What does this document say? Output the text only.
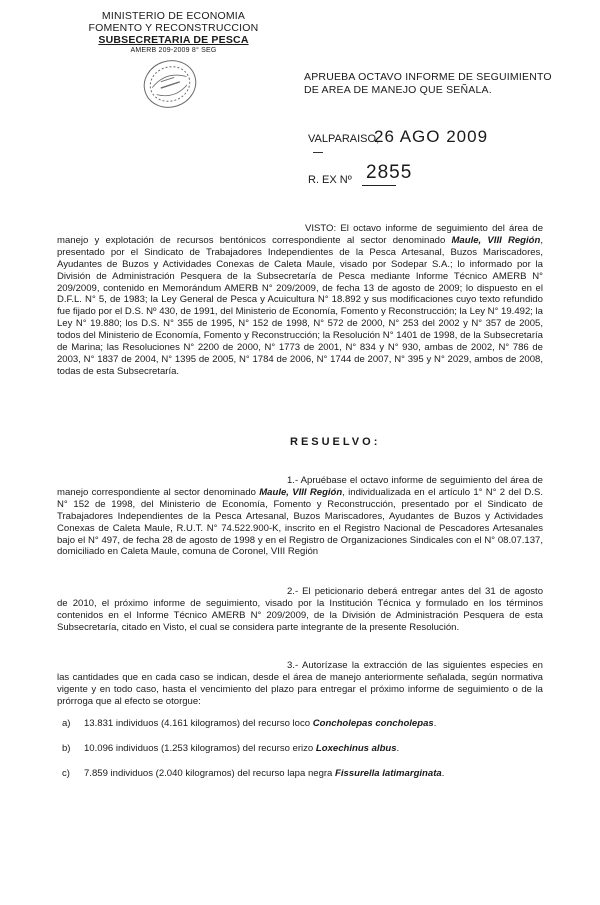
MINISTERIO DE ECONOMIA
FOMENTO Y RECONSTRUCCION
SUBSECRETARIA DE PESCA
AMERB 209-2009 8° SEG
APRUEBA OCTAVO INFORME DE SEGUIMIENTO
DE AREA DE MANEJO QUE SEÑALA.
VALPARAISO,
26 AGO 2009
R. EX Nº 2855
VISTO: El octavo informe de seguimiento del área de manejo y explotación de recursos bentónicos correspondiente al sector denominado Maule, VIII Región, presentado por el Sindicato de Trabajadores Independientes de la Pesca Artesanal, Buzos Mariscadores, Ayudantes de Buzos y Actividades Conexas de Caleta Maule, visado por Sodepar S.A.; lo informado por la División de Administración Pesquera de la Subsecretaría de Pesca mediante Informe Técnico AMERB N° 209/2009, contenido en Memorándum AMERB N° 209/2009, de fecha 13 de agosto de 2009; lo dispuesto en el D.F.L. N° 5, de 1983; la Ley General de Pesca y Acuicultura N° 18.892 y sus modificaciones cuyo texto refundido fue fijado por el D.S. Nº 430, de 1991, del Ministerio de Economía, Fomento y Reconstrucción; la Ley N° 19.492; la Ley N° 19.880; los D.S. N° 355 de 1995, N° 152 de 1998, N° 572 de 2000, N° 253 del 2002 y N° 357 de 2005, todos del Ministerio de Economía, Fomento y Reconstrucción; la Resolución N° 1401 de 1998, de la Subsecretaría de Marina; las Resoluciones N° 2200 de 2000, N° 1773 de 2001, N° 834 y N° 930, ambas de 2002, N° 786 de 2003, N° 1837 de 2004, N° 1395 de 2005, N° 1784 de 2006, N° 1744 de 2007, N° 395 y N° 2029, ambos de 2008, todas de esta Subsecretaría.
RESUELVO:
1.- Apruébase el octavo informe de seguimiento del área de manejo correspondiente al sector denominado Maule, VIII Región, individualizada en el artículo 1° N° 2 del D.S. N° 152 de 1998, del Ministerio de Economía, Fomento y Reconstrucción, presentado por el Sindicato de Trabajadores Independientes de la Pesca Artesanal, Buzos Mariscadores, Ayudantes de Buzos y Actividades Conexas de Caleta Maule, R.U.T. N° 74.522.900-K, inscrito en el Registro Nacional de Pescadores Artesanales bajo el N° 497, de fecha 28 de agosto de 1998 y en el Registro de Organizaciones Sindicales con el N° 08.07.137, domiciliado en Caleta Maule, comuna de Coronel, VIII Región
2.- El peticionario deberá entregar antes del 31 de agosto de 2010, el próximo informe de seguimiento, visado por la Institución Técnica y formulado en los términos contenidos en el Informe Técnico AMERB N° 209/2009, de la División de Administración Pesquera de esta Subsecretaría, citado en Visto, el cual se considera parte integrante de la presente Resolución.
3.- Autorízase la extracción de las siguientes especies en las cantidades que en cada caso se indican, desde el área de manejo anteriormente señalada, según normativa vigente y en todo caso, hasta el vencimiento del plazo para entregar el próximo informe de seguimiento o de la prórroga que al efecto se otorgue:
a) 13.831 individuos (4.161 kilogramos) del recurso loco Concholepas concholepas.
b) 10.096 individuos (1.253 kilogramos) del recurso erizo Loxechinus albus.
c) 7.859 individuos (2.040 kilogramos) del recurso lapa negra Fissurella latimarginata.
